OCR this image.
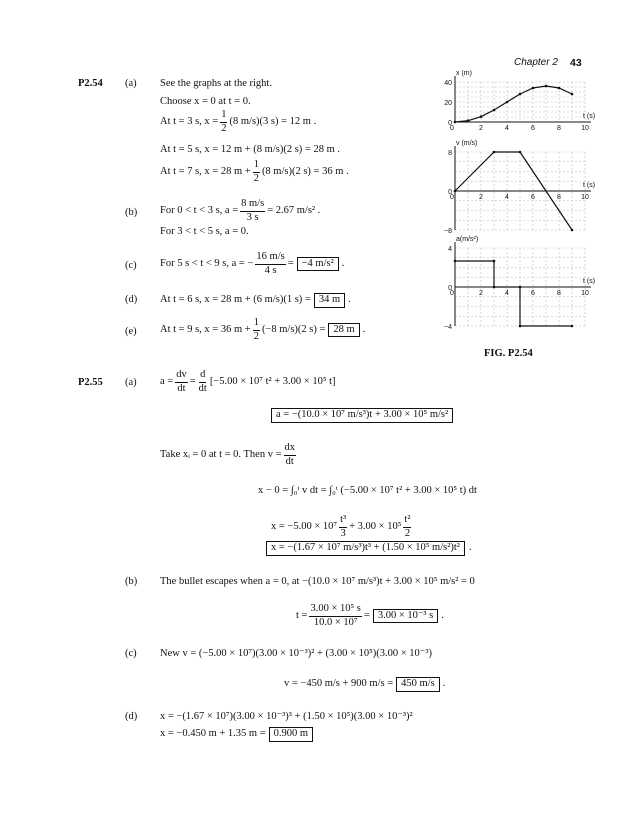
Chapter 2 43
P2.54 (a) See the graphs at the right.
Choose x = 0 at t = 0.
At t = 3 s, $x = \frac{1}{2} (8$ m/s)(3 s) = 12 m .
At t = 5 s, x = 12 m + (8 m/s)(2 s) = 28 m .
At t = 7 s, x = 28 $m + \frac{1}{2} (8$ m/s)(2 s) = 36 m .
(b) For 0 < t < 3 s, $a = \frac{8 m/s}{3 s} = 2.67$ m/s² .
For 3 < t < 5 s, a = 0.
(c) For 5 s < t < 9 s, a = − $\frac{16 m/s}{4 s} = -4$ m/s² .
(d) At t = 6 s, x = 28 m + (6 m/s)(1 s) = 34 m .
(e) At t = 9 s, x = 36 $m + \frac{1}{2} (-8$ m/s)(2 s) = 28 m .
x (m)
t (s)
40
20
0
0	2	4	6	8	10
v (m/s)
t (s)
8
0
−8
0	2	4	6	8	10
a(m/s²)
t (s)
4
0
−4
0	2	4	6	8	10
FIG. P2.54
P2.55 (a) $a = \frac{dv}{dt} = \frac{d}{dt} [-5.00 \times 10^7$ t² + 3.00 × 10⁵ t]
a = −(10.0 × 10⁷ m/s³)t + 3.00 × 10⁵ m/s²
Take xᵢ = 0 at t = 0. Then $v = \frac{dx}{dt}$
x − 0 = ∫₀ᵗ v dt = ∫₀ᵗ (−5.00 × 10⁷ t² + 3.00 × 10⁵ t) dt
$x = -5.00 \times 10^7 \frac{\text{t³}}{3} + 3.00 \times 10^5 \frac{\text{t²}}{2}$
x = −(1.67 × 10⁷ m/s³)t³ + (1.50 × 10⁵ m/s²)t² .
(b) The bullet escapes when a = 0, at −(10.0 × 10⁷ m/s³)t + 3.00 × 10⁵ m/s² = 0
$t = \frac{\text{3.00 × 10⁵ s}}{\text{10.0 × 10⁷}} = 3.00 \times 10^{-3}$ s .
(c) New v = (−5.00 × 10⁷)(3.00 × 10⁻³)² + (3.00 × 10⁵)(3.00 × 10⁻³)
v = −450 m/s + 900 m/s = 450 m/s .
(d) x = −(1.67 × 10⁷)(3.00 × 10⁻³)³ + (1.50 × 10⁵)(3.00 × 10⁻³)²
x = −0.450 m + 1.35 m = 0.900 m
